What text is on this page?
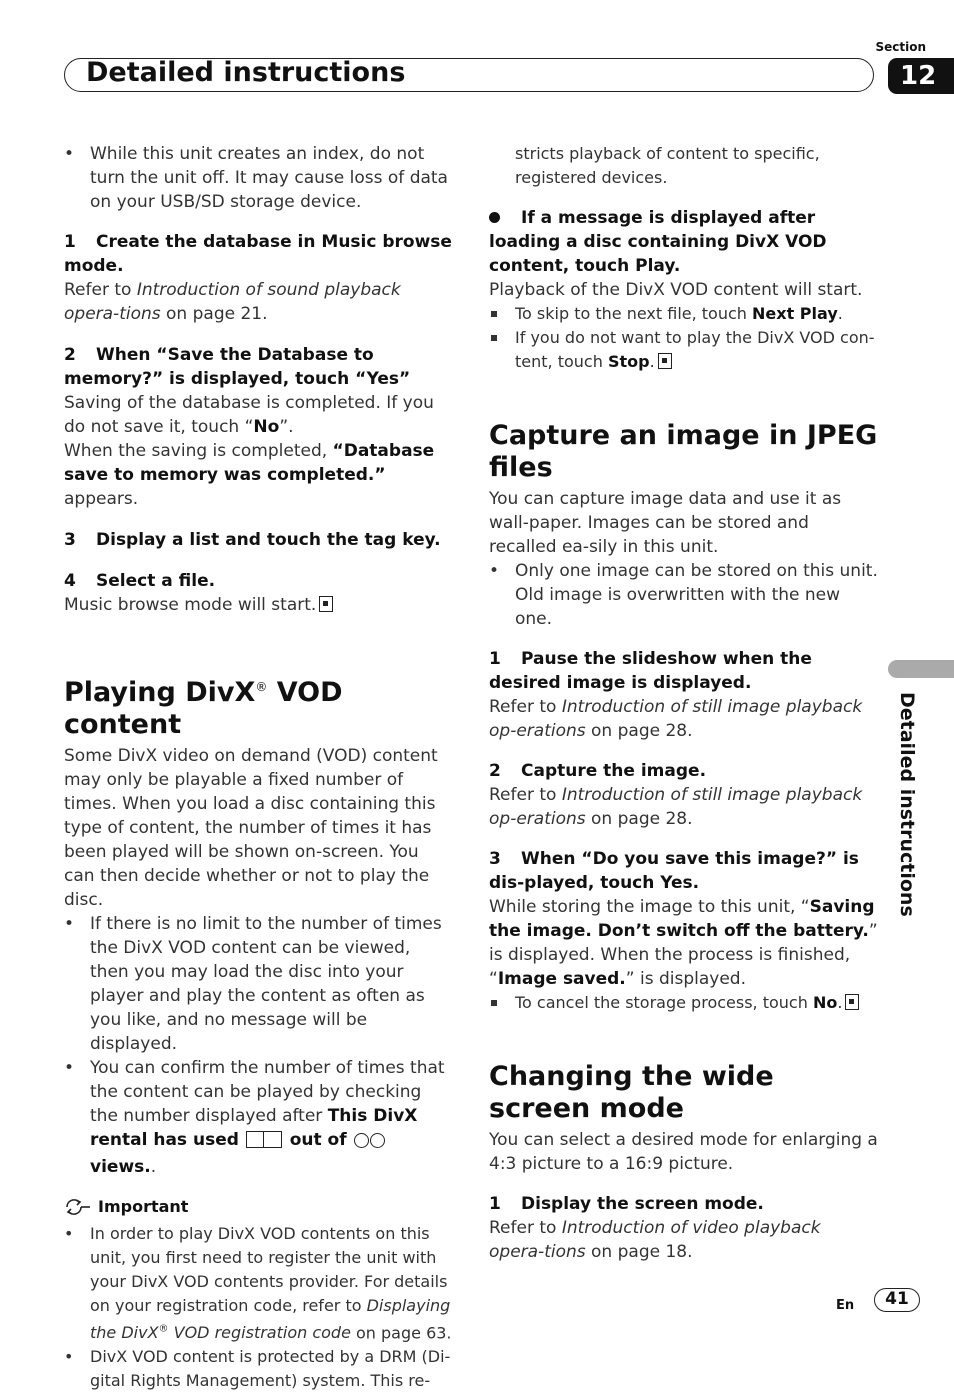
Detailed instructions
Section
12
Detailed instructions

• While this unit creates an index, do not turn the unit off. It may cause loss of data on your USB/SD storage device.

1 Create the database in Music browse mode.

Refer to Introduction of sound playback opera-tions on page 21.

2 When “Save the Database to memory?” is displayed, touch “Yes”

Saving of the database is completed. If you do not save it, touch “No”.

When the saving is completed, “Database save to memory was completed.” appears.

3 Display a list and touch the tag key.

4 Select a file.

Music browse mode will start.

Playing DivX® VOD content

Some DivX video on demand (VOD) content may only be playable a fixed number of times. When you load a disc containing this type of content, the number of times it has been played will be shown on-screen. You can then decide whether or not to play the disc.

• If there is no limit to the number of times the DivX VOD content can be viewed, then you may load the disc into your player and play the content as often as you like, and no message will be displayed.

• You can confirm the number of times that the content can be played by checking the number displayed after This DivX rental has used	out of  views..

Important

• In order to play DivX VOD contents on this unit, you first need to register the unit with your DivX VOD contents provider. For details on your registration code, refer to Displaying the DivX® VOD registration code on page 63.

• DivX VOD content is protected by a DRM (Di-gital Rights Management) system. This re-

stricts playback of content to specific, registered devices.

If a message is displayed after loading a disc containing DivX VOD content, touch Play.

Playback of the DivX VOD content will start.

To skip to the next file, touch Next Play.

If you do not want to play the DivX VOD con-tent, touch Stop.

Capture an image in JPEG files

You can capture image data and use it as wall-paper. Images can be stored and recalled ea-sily in this unit.

• Only one image can be stored on this unit. Old image is overwritten with the new one.

1 Pause the slideshow when the desired image is displayed.

Refer to Introduction of still image playback op-erations on page 28.

2 Capture the image.

Refer to Introduction of still image playback op-erations on page 28.

3 When “Do you save this image?” is dis-played, touch Yes.

While storing the image to this unit, “Saving the image. Don’t switch off the battery.” is displayed. When the process is finished, “Image saved.” is displayed.

To cancel the storage process, touch No.

Changing the wide screen mode

You can select a desired mode for enlarging a 4:3 picture to a 16:9 picture.

1 Display the screen mode.

Refer to Introduction of video playback opera-tions on page 18.

En	41
